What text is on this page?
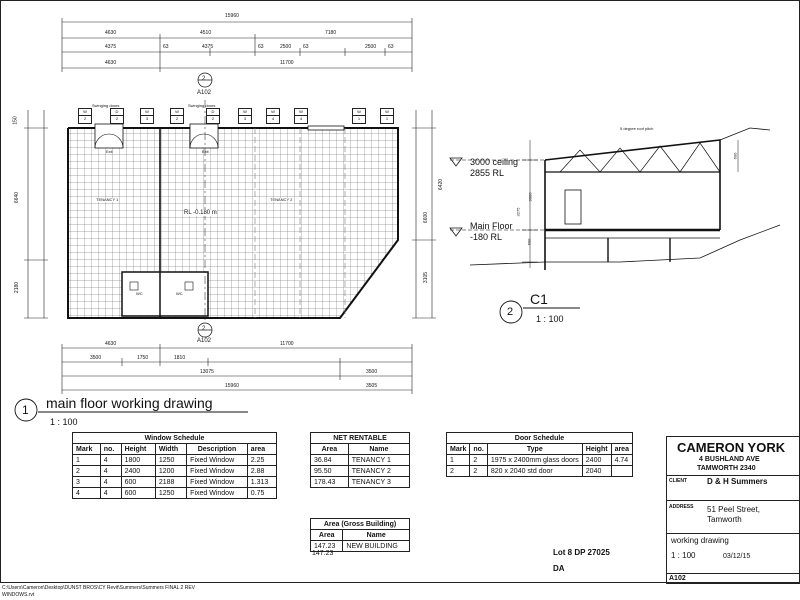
15960
4630	4510	7180
4375	63	4375	63	2500 63	2500 63
4630	11700
2
A102
2
A102
W
2
D
2
W
3
W
2
D
2
W
3
W
4
W
4
W
1
W
1
Swinging doors	Swinging doors
Exit	Exit
TENANCY 1	TENANCY 2
RL -0.180 m
WC	WC
150
6640
2180
6420
6600
3105
4630	11700
3500	1750	1810
3500
13075
3505
15960
5 degree roof pitch
3000 ceiling
2855 RL
Main Floor
-180 RL
3275
3000
600
600
1 main floor working drawing
1 : 100
2
C1
1 : 100
Window Schedule					
Mark	no.	Height	Width	Description	area
1	4	1800	1250	Fixed Window	2.25
2	4	2400	1200	Fixed Window	2.88
3	4	600	2188	Fixed Window	1.313
4	4	600	1250	Fixed Window	0.75
NET RENTABLE	
Area	Name
36.84	TENANCY 1
95.50	TENANCY 2
178.43	TENANCY 3
Door Schedule				
Mark	no.	Type	Height	area
1	2	1975 x 2400mm glass doors	2400	4.74
2	2	820 x 2040 std door	2040	
Area (Gross Building)	
Area	Name
147.23	NEW BUILDING
147.23	Lot 8 DP 27025
DA
CAMERON YORK
4 BUSHLAND AVE
TAMWORTH 2340
CLIENT D & H Summers
ADDRESS 51 Peel Street,
Tamworth
working drawing
1 : 100	03/12/15
A102
C:\Users\Cameron\Desktop\DUNST BROS\CY Revit\Summers\Summers FINAL 2 REV
WINDOWS.rvt
